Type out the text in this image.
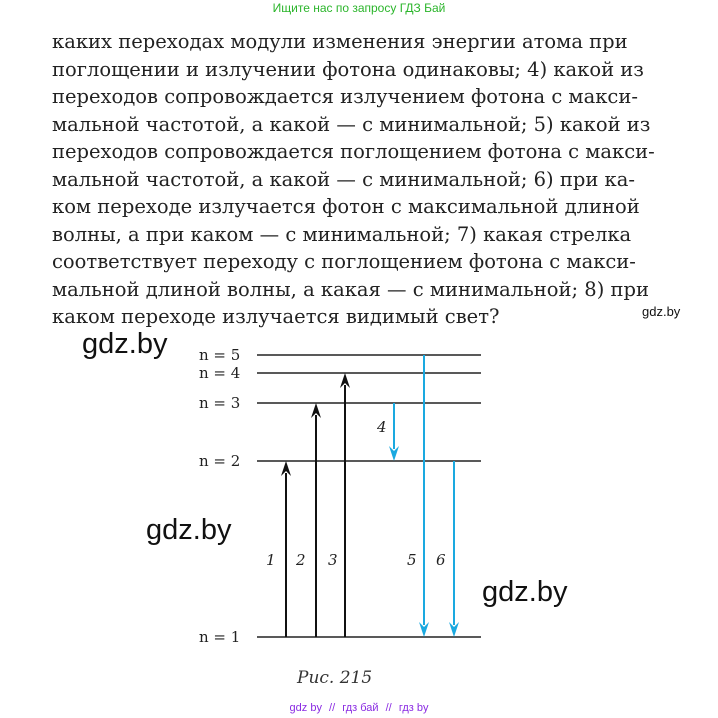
Ищите нас по запросу ГДЗ Бай
каких переходах модули изменения энергии атома при
поглощении и излучении фотона одинаковы; 4) какой из
переходов сопровождается излучением фотона с макси-
мальной частотой, а какой — с минимальной; 5) какой из
переходов сопровождается поглощением фотона с макси-
мальной частотой, а какой — с минимальной; 6) при ка-
ком переходе излучается фотон с максимальной длиной
волны, а при каком — с минимальной; 7) какая стрелка
соответствует переходу с поглощением фотона с макси-
мальной длиной волны, а какая — с минимальной; 8) при
каком переходе излучается видимый свет?	gdz.by
gdz.by
gdz.by
gdz.by
n = 5
n = 4
n = 3
n = 2
n = 1
1 2 3
4
5 6
Рис. 215
gdz by // гдз бай // гдз by
